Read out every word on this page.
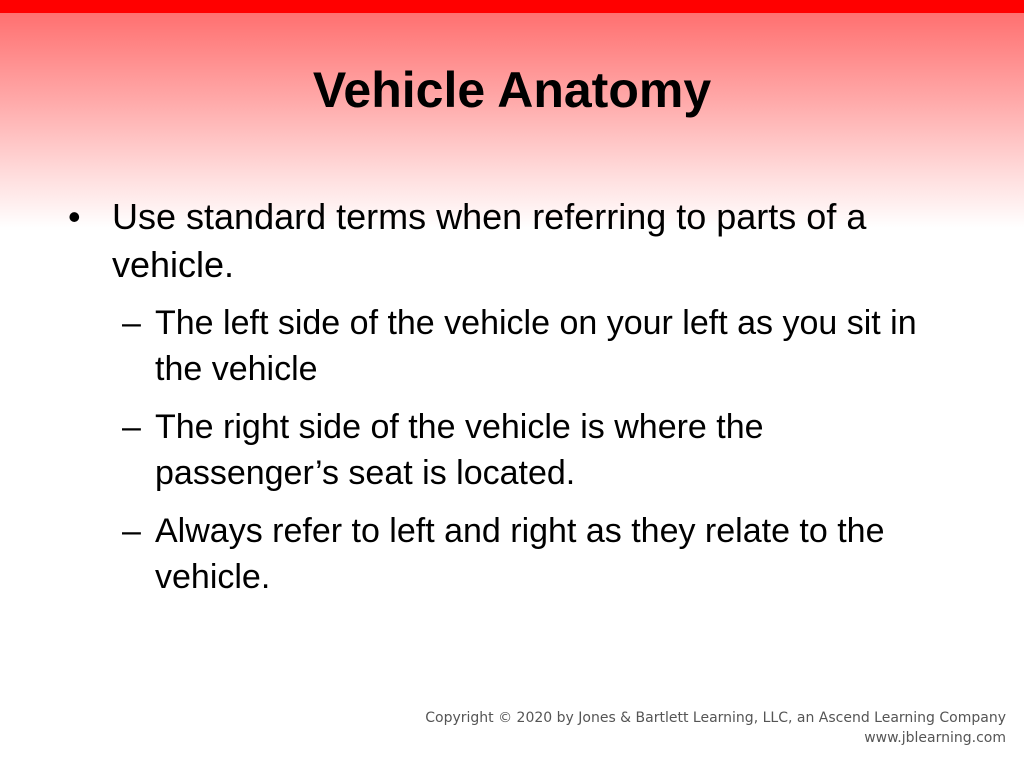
Vehicle Anatomy
• Use standard terms when referring to parts of a vehicle.
– The left side of the vehicle on your left as you sit in the vehicle
– The right side of the vehicle is where the passenger’s seat is located.
– Always refer to left and right as they relate to the vehicle.
Copyright © 2020 by Jones & Bartlett Learning, LLC, an Ascend Learning Company
www.jblearning.com
